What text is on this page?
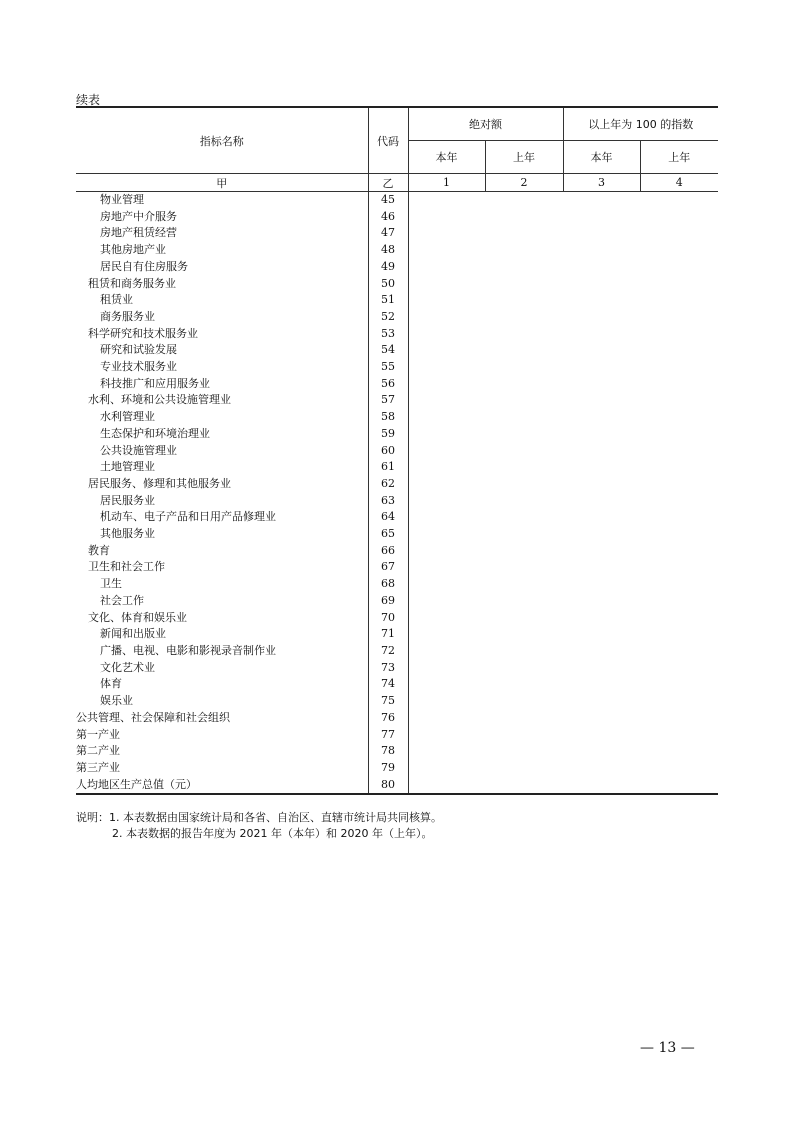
续表
指标名称	代码	绝对额		以上年为 100 的指数	
		本年	上年	本年	上年
甲	乙	1	2	3	4
物业管理	45				
房地产中介服务	46				
房地产租赁经营	47				
其他房地产业	48				
居民自有住房服务	49				
租赁和商务服务业	50				
租赁业	51				
商务服务业	52				
科学研究和技术服务业	53				
研究和试验发展	54				
专业技术服务业	55				
科技推广和应用服务业	56				
水利、环境和公共设施管理业	57				
水利管理业	58				
生态保护和环境治理业	59				
公共设施管理业	60				
土地管理业	61				
居民服务、修理和其他服务业	62				
居民服务业	63				
机动车、电子产品和日用产品修理业	64				
其他服务业	65				
教育	66				
卫生和社会工作	67				
卫生	68				
社会工作	69				
文化、体育和娱乐业	70				
新闻和出版业	71				
广播、电视、电影和影视录音制作业	72				
文化艺术业	73				
体育	74				
娱乐业	75				
公共管理、社会保障和社会组织	76				
第一产业	77				
第二产业	78				
第三产业	79				
人均地区生产总值（元）	80				
说明：1. 本表数据由国家统计局和各省、自治区、直辖市统计局共同核算。
2. 本表数据的报告年度为 2021 年（本年）和 2020 年（上年）。
— 13 —
